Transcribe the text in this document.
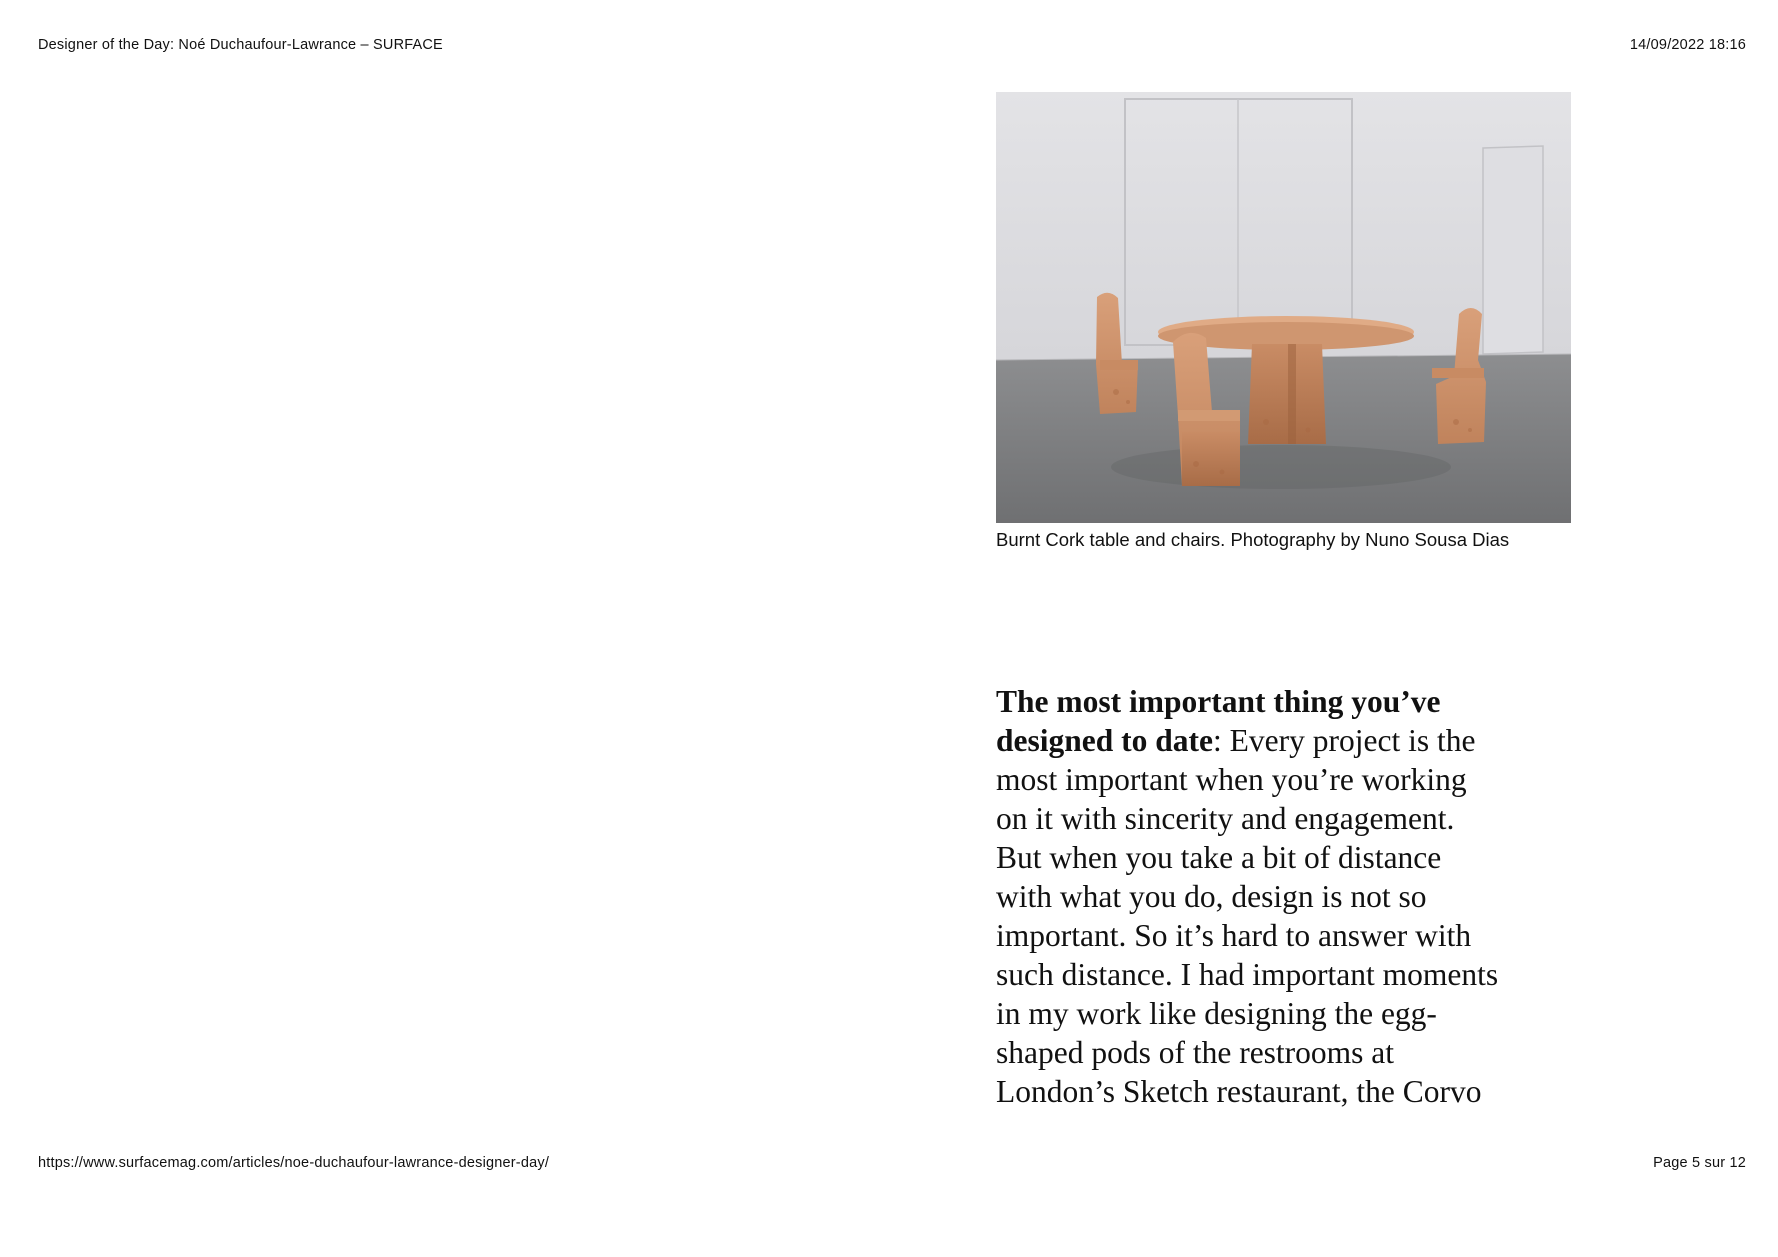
Designer of the Day: Noé Duchaufour-Lawrance – SURFACE	14/09/2022 18:16
Burnt Cork table and chairs. Photography by Nuno Sousa Dias
The most important thing you’ve
designed to date: Every project is the
most important when you’re working
on it with sincerity and engagement.
But when you take a bit of distance
with what you do, design is not so
important. So it’s hard to answer with
such distance. I had important moments
in my work like designing the egg-
shaped pods of the restrooms at
London’s Sketch restaurant, the Corvo
https://www.surfacemag.com/articles/noe-duchaufour-lawrance-designer-day/	Page 5 sur 12
